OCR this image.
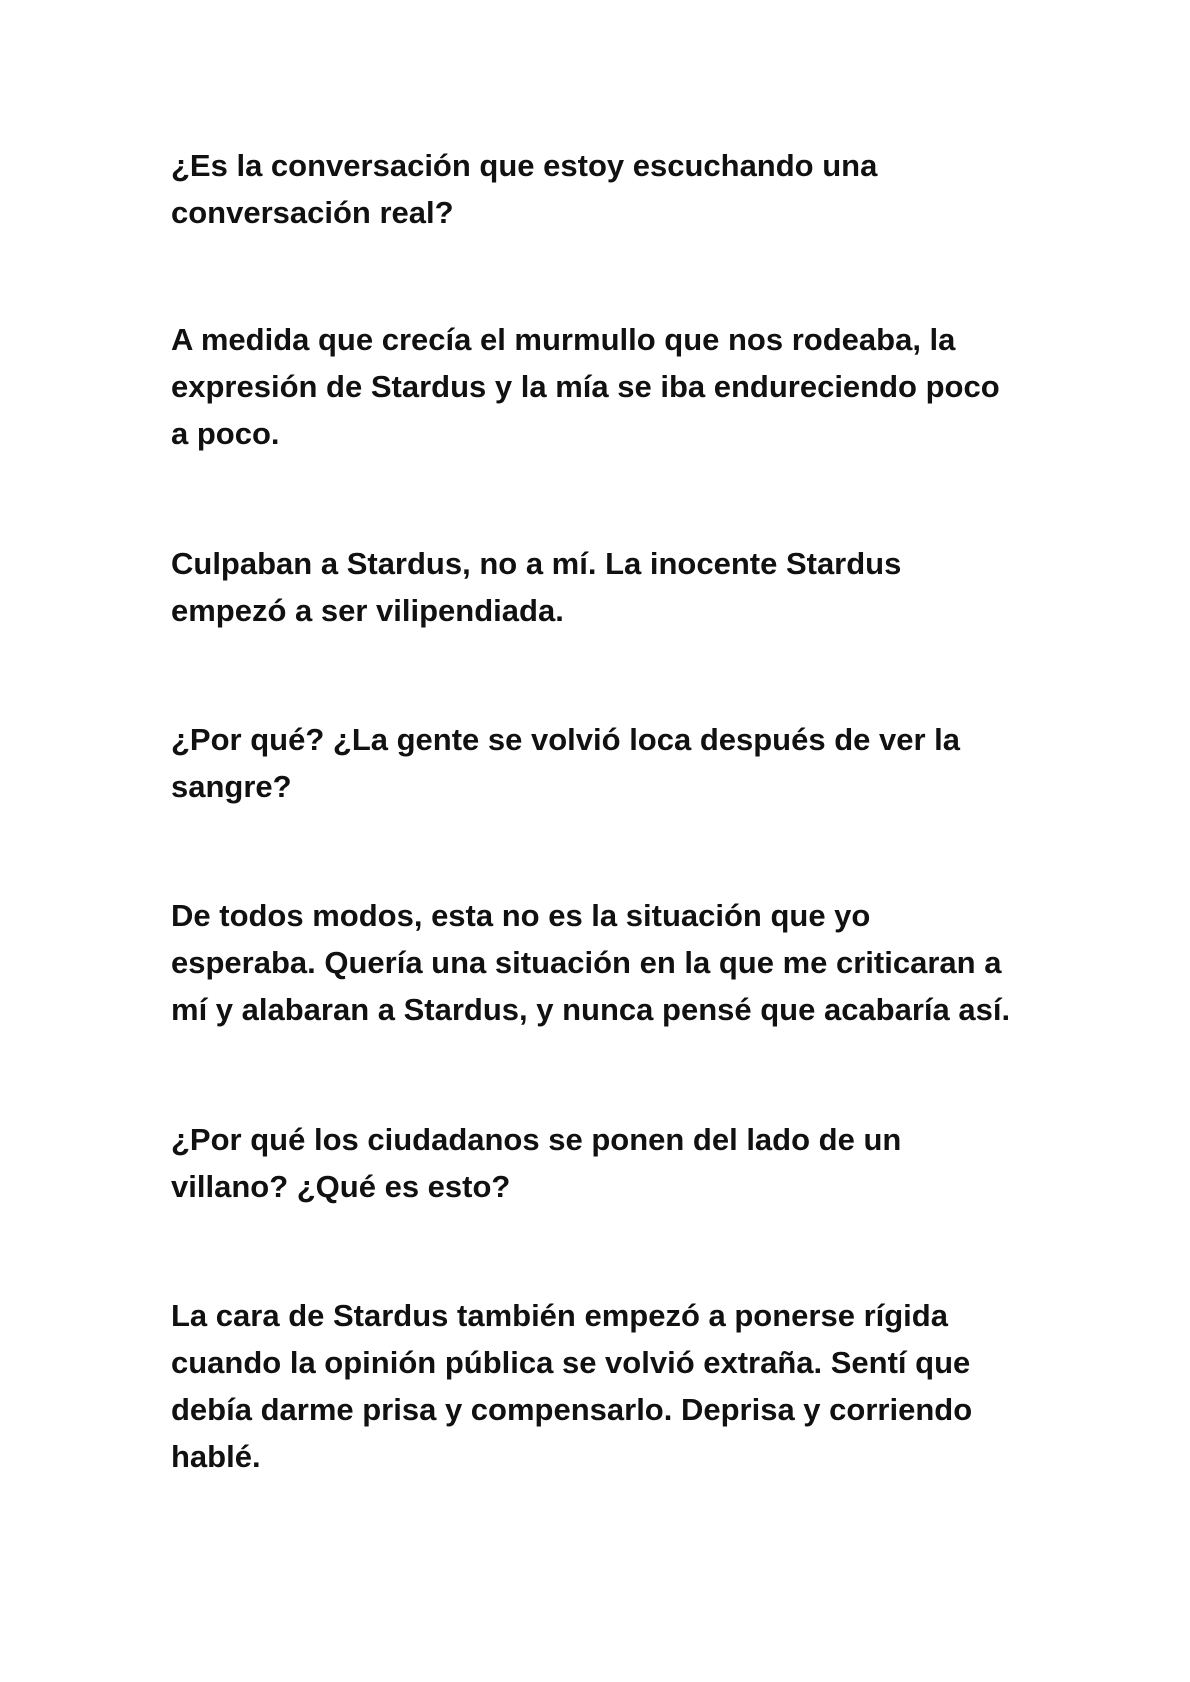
¿Es la conversación que estoy escuchando una
conversación real?

A medida que crecía el murmullo que nos rodeaba, la
expresión de Stardus y la mía se iba endureciendo poco
a poco.

Culpaban a Stardus, no a mí. La inocente Stardus
empezó a ser vilipendiada.

¿Por qué? ¿La gente se volvió loca después de ver la
sangre?

De todos modos, esta no es la situación que yo
esperaba. Quería una situación en la que me criticaran a
mí y alabaran a Stardus, y nunca pensé que acabaría así.

¿Por qué los ciudadanos se ponen del lado de un
villano? ¿Qué es esto?

La cara de Stardus también empezó a ponerse rígida
cuando la opinión pública se volvió extraña. Sentí que
debía darme prisa y compensarlo. Deprisa y corriendo
hablé.
